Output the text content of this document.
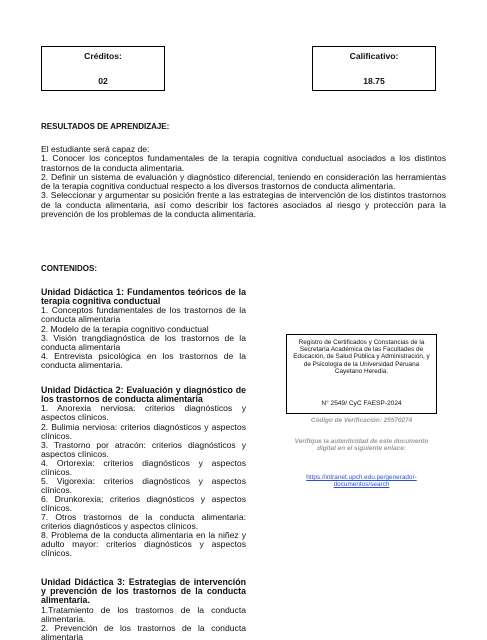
Créditos:
02
Calificativo:
18.75
RESULTADOS DE APRENDIZAJE:

El estudiante será capaz de:

1. Conocer los conceptos fundamentales de la terapia cognitiva conductual asociados a los distintos trastornos de la conducta alimentaria.

2. Definir un sistema de evaluación y diagnóstico diferencial, teniendo en consideración las herramientas de la terapia cognitiva conductual respecto a los diversos trastornos de conducta alimentaria.

3. Seleccionar y argumentar su posición frente a las estrategias de intervención de los distintos trastornos de la conducta alimentaria, así como describir los factores asociados al riesgo y protección para la prevención de los problemas de la conducta alimentaria.

CONTENIDOS:
Unidad Didáctica 1: Fundamentos teóricos de la terapia cognitiva conductual
1. Conceptos fundamentales de los trastornos de la conducta alimentaria
2. Modelo de la terapia cognitivo conductual
3. Visión trangdiagnóstica de los trastornos de la conducta alimentaria
4. Entrevista psicológica en los trastornos de la conducta alimentaria.
Unidad Didáctica 2: Evaluación y diagnóstico de los trastornos de conducta alimentaria
1. Anorexia nerviosa: criterios diagnósticos y aspectos clínicos.
2. Bulimia nerviosa: criterios diagnósticos y aspectos clínicos.
3. Trastorno por atracón: criterios diagnósticos y aspectos clínicos.
4. Ortorexia: criterios diagnósticos y aspectos clínicos.
5. Vigorexia: criterios diagnósticos y aspectos clínicos.
6. Drunkorexia; criterios diagnósticos y aspectos clínicos.
7. Otros trastornos de la conducta alimentaria: criterios diagnósticos y aspectos clínicos.
8. Problema de la conducta alimentaria en la niñez y adulto mayor: criterios diagnósticos y aspectos clínicos.
Unidad Didáctica 3: Estrategias de intervención y prevención de los trastornos de la conducta alimentaria.
1.Tratamiento de los trastornos de la conducta alimentaria.
2. Prevención de los trastornos de la conducta alimentaria
Registro de Certificados y Constancias de la Secretaría Académica de las Facultades de Educación, de Salud Pública y Administración, y de Psicología de la Universidad Peruana Cayetano Heredia.
N° 2549/ CyC FAESP-2024
Código de Verificación: 25570274
Verifique la autenticidad de este documento digital en el siguiente enlace:
https://intranet.upch.edu.pe/generador-documentos/search
